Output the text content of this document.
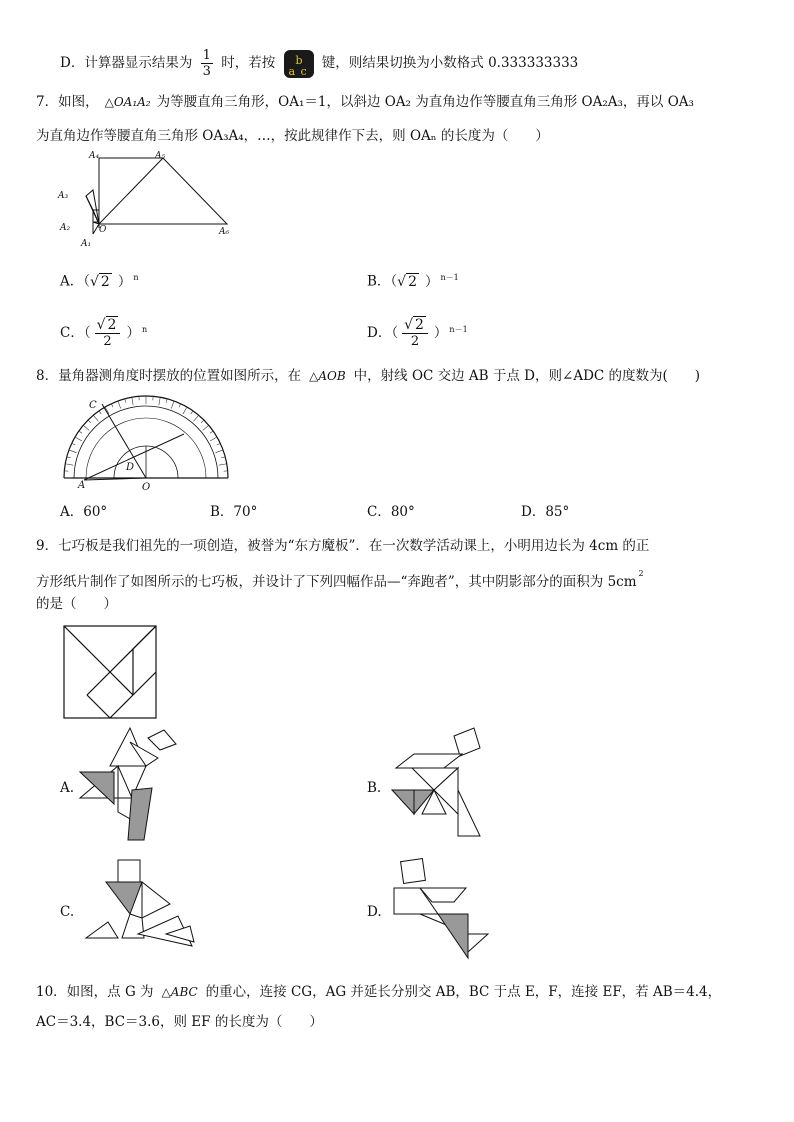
D．计算器显示结果为 $\frac{1}{3}$ 时，若按 b
a c 键，则结果切换为小数格式 0.333333333
7．如图， △OA₁A₂ 为等腰直角三角形，OA₁＝1，以斜边 OA₂ 为直角边作等腰直角三角形 OA₂A₃，再以 OA₃
为直角边作等腰直角三角形 OA₃A₄，…，按此规律作下去，则 OAₙ 的长度为（　　）
A₄	A₅
A₃
A₂	O
A₁
A₆
A．（√ 2 ） $^n$	B．（√ 2 ） $^{n-1}$
C．（ $\frac{√ 2}{2}$ ） $^n$	D．（ $\frac{√ 2}{2}$ ） $^{n-1}$
8．量角器测角度时摆放的位置如图所示，在 △AOB 中，射线 OC 交边 AB 于点 D，则∠ADC 的度数为(　　)
C
D
A	O
A．60°	B．70°	C．80°	D．85°
9．七巧板是我们祖先的一项创造，被誉为“东方魔板”．在一次数学活动课上，小明用边长为 4cm 的正
方形纸片制作了如图所示的七巧板，并设计了下列四幅作品—“奔跑者”，其中阴影部分的面积为 $5cm^2$
的是（　　）
A.	B.
C.	D.
10．如图，点 G 为 △ABC 的重心，连接 CG，AG 并延长分别交 AB，BC 于点 E，F，连接 EF，若 AB＝4.4，
AC＝3.4，BC＝3.6，则 EF 的长度为（　　）
